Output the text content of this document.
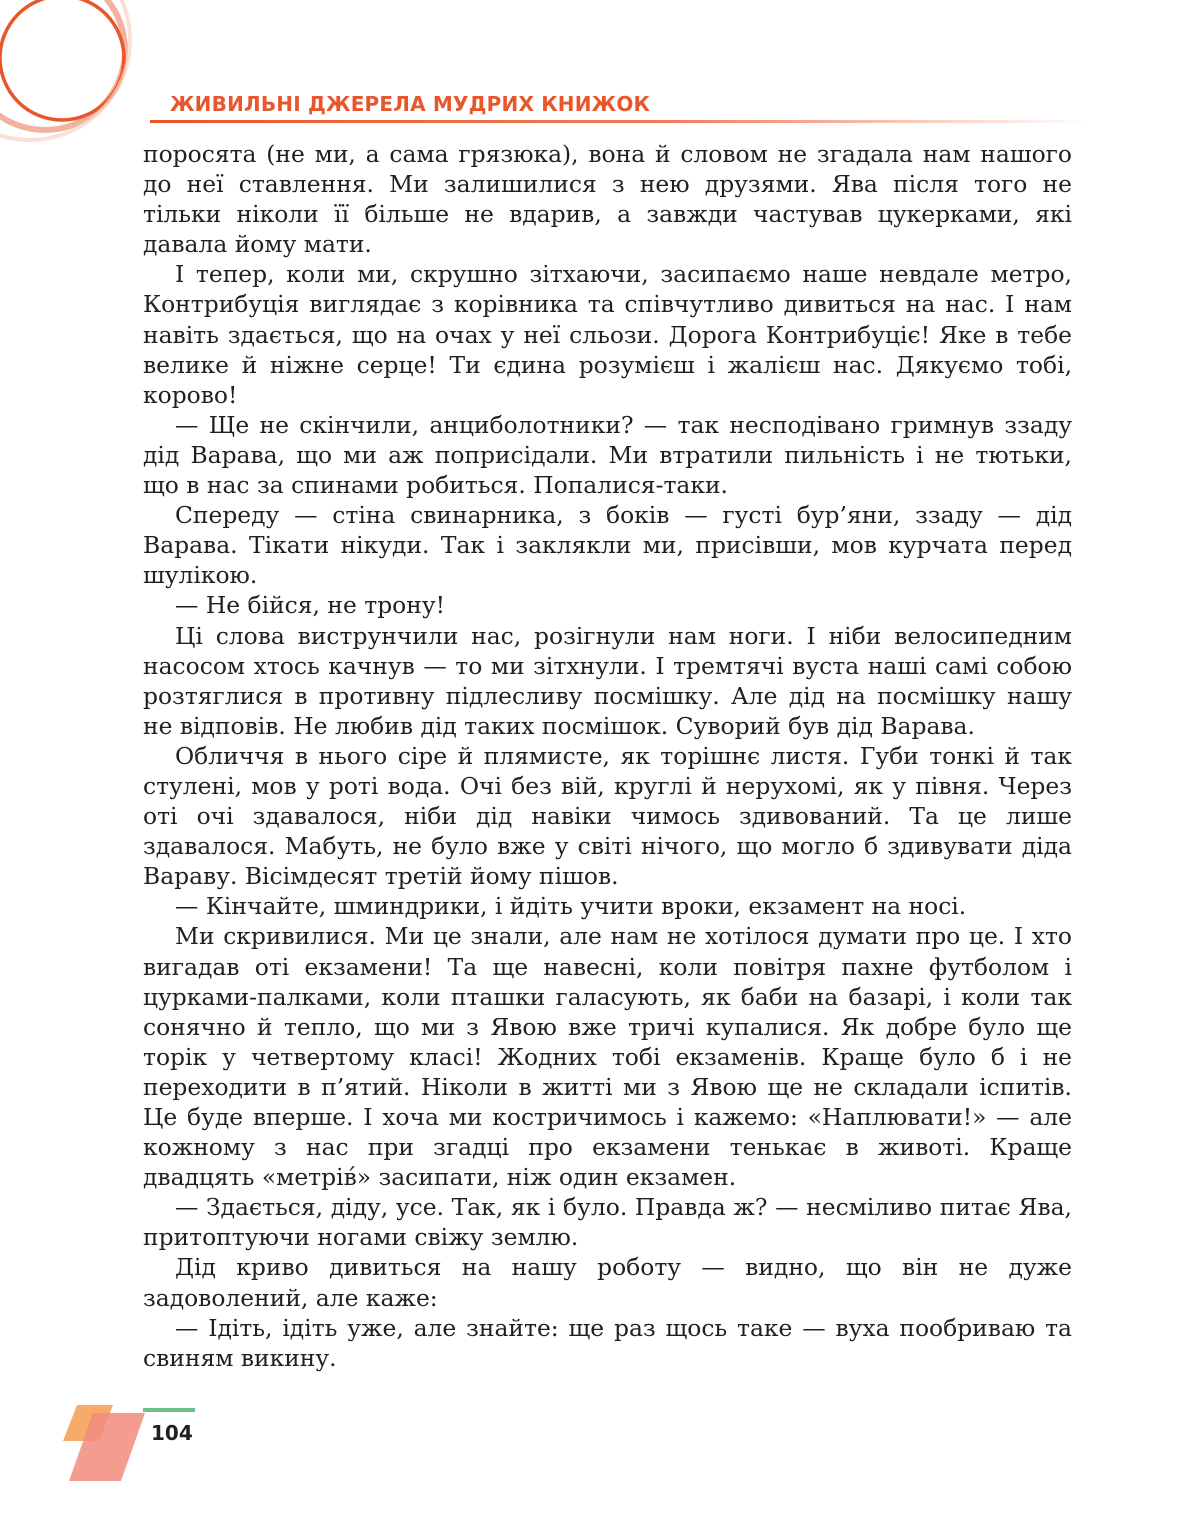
ЖИВИЛЬНІ ДЖЕРЕЛА МУДРИХ КНИЖОК

поросята (не ми, а сама грязюка), вона й словом не згадала нам нашого до неї ставлення. Ми залишилися з нею друзями. Ява після того не тільки ніколи її більше не вдарив, а завжди частував цукерками, які давала йому мати.

І тепер, коли ми, скрушно зітхаючи, засипаємо наше невдале метро, Контрибуція виглядає з корівника та співчутливо дивиться на нас. І нам навіть здається, що на очах у неї сльози. Дорога Контрибуціє! Яке в тебе велике й ніжне серце! Ти єдина розумієш і жалієш нас. Дякуємо тобі, корово!

— Ще не скінчили, анциболотники? — так несподівано гримнув ззаду дід Варава, що ми аж поприсідали. Ми втратили пильність і не тютьки, що в нас за спинами робиться. Попалися-таки.

Спереду — стіна свинарника, з боків — густі бур’яни, ззаду — дід Варава. Тікати нікуди. Так і заклякли ми, присівши, мов курчата перед шулікою.

— Не бійся, не трону!

Ці слова виструнчили нас, розігнули нам ноги. І ніби велосипедним насосом хтось качнув — то ми зітхнули. І тремтячі вуста наші самі собою розтяглися в противну підлесливу посмішку. Але дід на посмішку нашу не відповів. Не любив дід таких посмішок. Суворий був дід Варава.

Обличчя в нього сіре й плямисте, як торішнє листя. Губи тонкі й так стулені, мов у роті вода. Очі без вій, круглі й нерухомі, як у півня. Через оті очі здавалося, ніби дід навіки чимось здивований. Та це лише здавалося. Мабуть, не було вже у світі нічого, що могло б здивувати діда Вараву. Вісімдесят третій йому пішов.

— Кінчайте, шминдрики, і йдіть учити вроки, екзамент на носі.

Ми скривилися. Ми це знали, але нам не хотілося думати про це. І хто вигадав оті екзамени! Та ще навесні, коли повітря пахне футболом і цурками-палками, коли пташки галасують, як баби на базарі, і коли так сонячно й тепло, що ми з Явою вже тричі купалися. Як добре було ще торік у четвертому класі! Жодних тобі екзаменів. Краще було б і не переходити в п’ятий. Ніколи в житті ми з Явою ще не складали іспитів. Це буде вперше. І хоча ми костричимось і кажемо: «Наплювати!» — але кожному з нас при згадці про екзамени тенькає в животі. Краще двадцять «метрів́» засипати, ніж один екзамен.

— Здається, діду, усе. Так, як і було. Правда ж? — несміливо питає Ява, притоптуючи ногами свіжу землю.

Дід криво дивиться на нашу роботу — видно, що він не дуже задоволений, але каже:

— Ідіть, ідіть уже, але знайте: ще раз щось таке — вуха пообриваю та свиням викину.

104
